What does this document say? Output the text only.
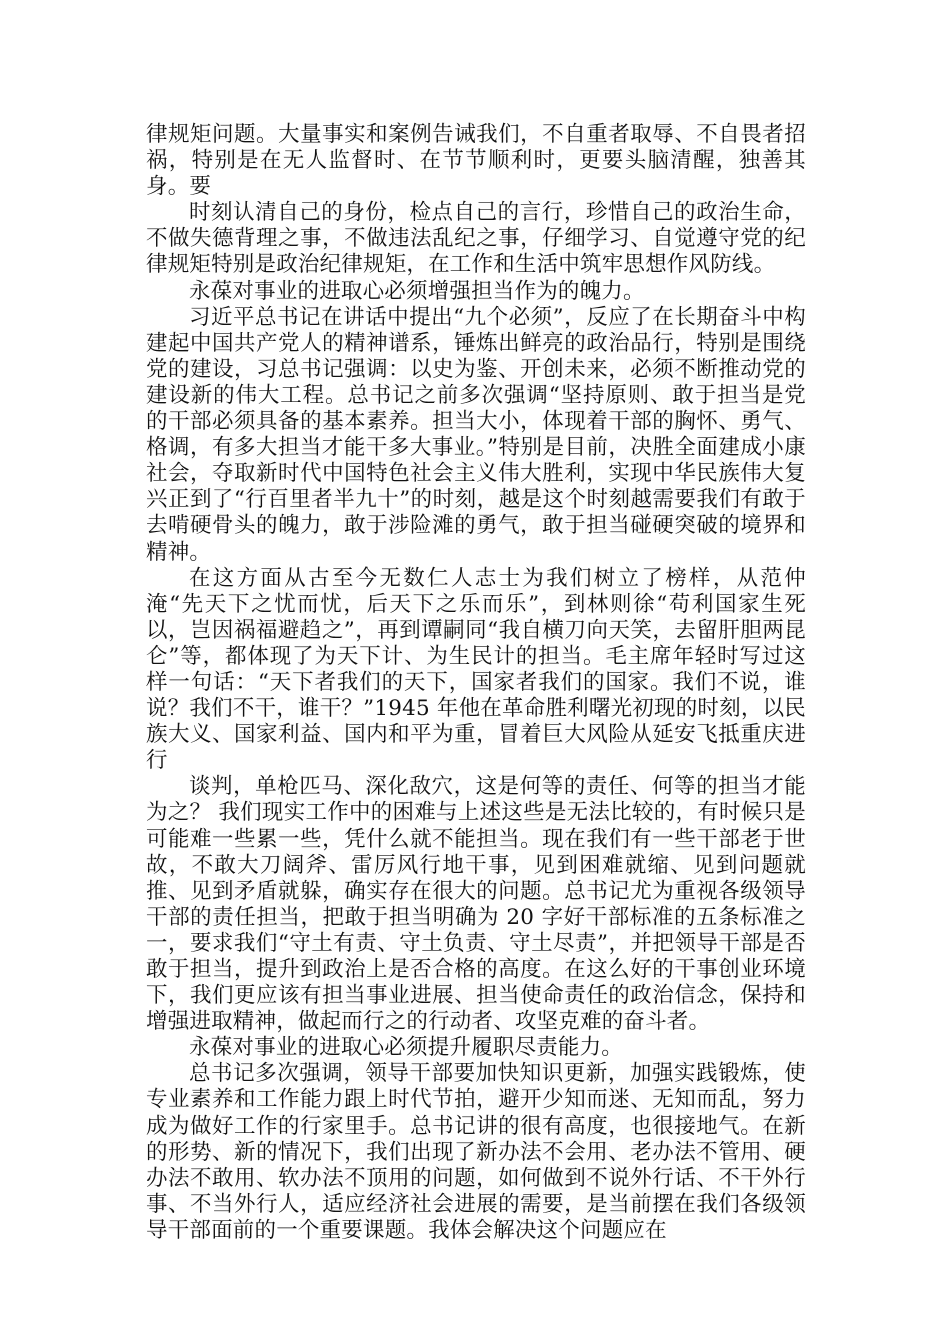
律规矩问题。大量事实和案例告诫我们，不自重者取辱、不自畏者招祸，特别是在无人监督时、在节节顺利时，更要头脑清醒，独善其身。要

时刻认清自己的身份，检点自己的言行，珍惜自己的政治生命，不做失德背理之事，不做违法乱纪之事，仔细学习、自觉遵守党的纪律规矩特别是政治纪律规矩，在工作和生活中筑牢思想作风防线。

永葆对事业的进取心必须增强担当作为的魄力。

习近平总书记在讲话中提出“九个必须”，反应了在长期奋斗中构建起中国共产党人的精神谱系，锤炼出鲜亮的政治品行，特别是围绕党的建设，习总书记强调：以史为鉴、开创未来，必须不断推动党的建设新的伟大工程。总书记之前多次强调“坚持原则、敢于担当是党的干部必须具备的基本素养。担当大小，体现着干部的胸怀、勇气、格调，有多大担当才能干多大事业。”特别是目前，决胜全面建成小康社会，夺取新时代中国特色社会主义伟大胜利，实现中华民族伟大复兴正到了“行百里者半九十”的时刻，越是这个时刻越需要我们有敢于去啃硬骨头的魄力，敢于涉险滩的勇气，敢于担当碰硬突破的境界和精神。

在这方面从古至今无数仁人志士为我们树立了榜样，从范仲淹“先天下之忧而忧，后天下之乐而乐”，到林则徐“苟利国家生死以，岂因祸福避趋之”，再到谭嗣同“我自横刀向天笑，去留肝胆两昆仑”等，都体现了为天下计、为生民计的担当。毛主席年轻时写过这样一句话：“天下者我们的天下，国家者我们的国家。我们不说，谁说？我们不干，谁干？”1945 年他在革命胜利曙光初现的时刻，以民族大义、国家利益、国内和平为重，冒着巨大风险从延安飞抵重庆进行

谈判，单枪匹马、深化敌穴，这是何等的责任、何等的担当才能为之？ 我们现实工作中的困难与上述这些是无法比较的，有时候只是可能难一些累一些，凭什么就不能担当。现在我们有一些干部老于世故，不敢大刀阔斧、雷厉风行地干事，见到困难就缩、见到问题就推、见到矛盾就躲，确实存在很大的问题。总书记尤为重视各级领导干部的责任担当，把敢于担当明确为 20 字好干部标准的五条标准之一，要求我们“守土有责、守土负责、守土尽责”，并把领导干部是否敢于担当，提升到政治上是否合格的高度。在这么好的干事创业环境下，我们更应该有担当事业进展、担当使命责任的政治信念，保持和增强进取精神，做起而行之的行动者、攻坚克难的奋斗者。

永葆对事业的进取心必须提升履职尽责能力。

总书记多次强调，领导干部要加快知识更新，加强实践锻炼，使专业素养和工作能力跟上时代节拍，避开少知而迷、无知而乱，努力成为做好工作的行家里手。总书记讲的很有高度，也很接地气。在新的形势、新的情况下，我们出现了新办法不会用、老办法不管用、硬办法不敢用、软办法不顶用的问题，如何做到不说外行话、不干外行事、不当外行人，适应经济社会进展的需要，是当前摆在我们各级领导干部面前的一个重要课题。我体会解决这个问题应在
